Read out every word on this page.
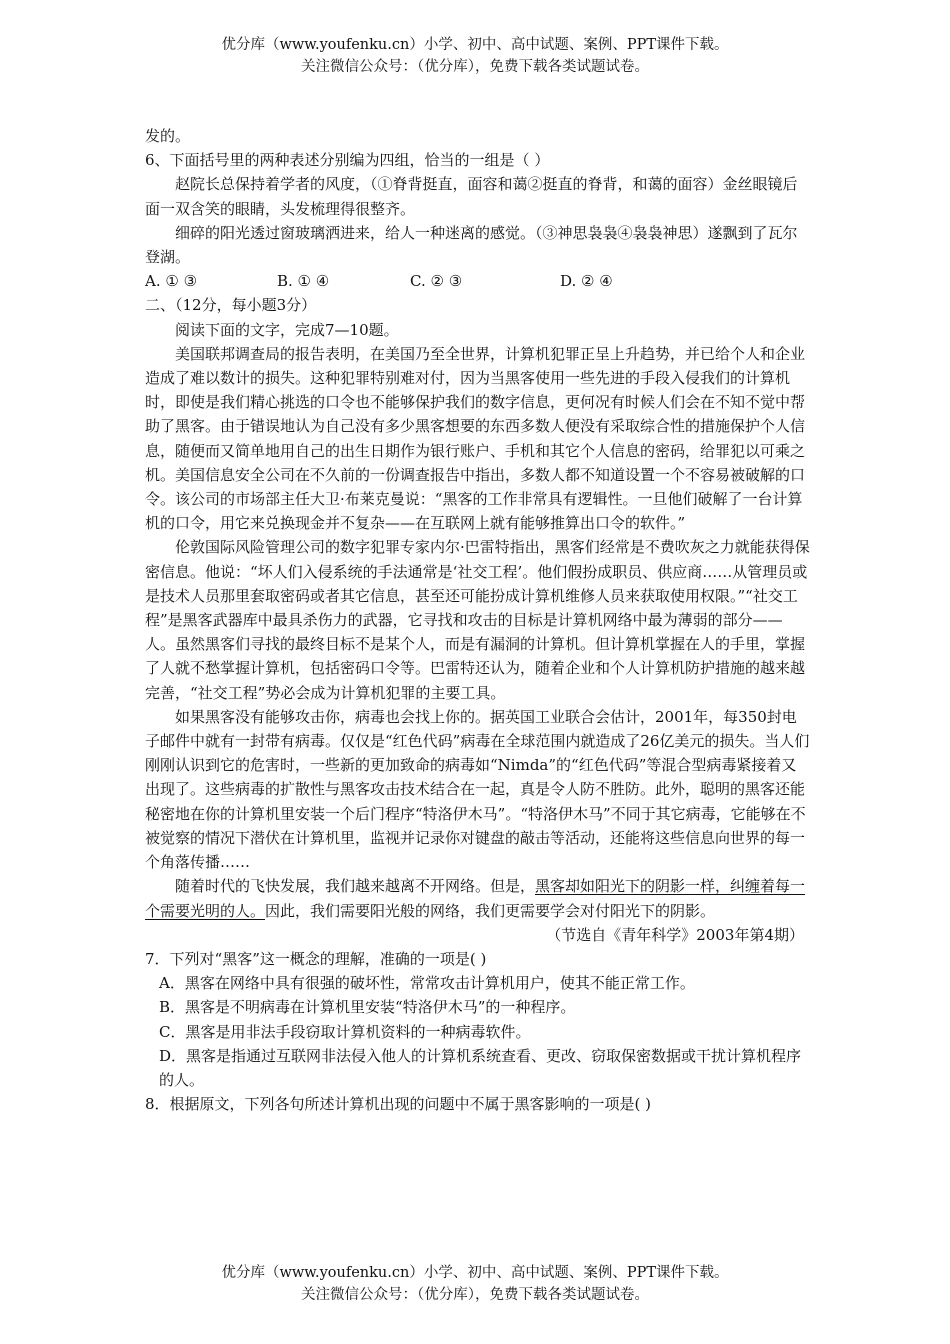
优分库（www.youfenku.cn）小学、初中、高中试题、案例、PPT课件下载。
关注微信公众号：（优分库），免费下载各类试题试卷。

发的。

6、下面括号里的两种表述分别编为四组，恰当的一组是（ ）

赵院长总保持着学者的风度，（①脊背挺直，面容和蔼②挺直的脊背，和蔼的面容）金丝眼镜后面一双含笑的眼睛，头发梳理得很整齐。

细碎的阳光透过窗玻璃洒进来，给人一种迷离的感觉。（③神思袅袅④袅袅神思）遂飘到了瓦尔登湖。

A. ① ③	B. ① ④	C. ② ③	D. ② ④

二、（12分，每小题3分）

阅读下面的文字，完成7—10题。

美国联邦调查局的报告表明，在美国乃至全世界，计算机犯罪正呈上升趋势，并已给个人和企业造成了难以数计的损失。这种犯罪特别难对付，因为当黑客使用一些先进的手段入侵我们的计算机时，即使是我们精心挑选的口令也不能够保护我们的数字信息，更何况有时候人们会在不知不觉中帮助了黑客。由于错误地认为自己没有多少黑客想要的东西多数人便没有采取综合性的措施保护个人信息，随便而又简单地用自己的出生日期作为银行账户、手机和其它个人信息的密码，给罪犯以可乘之机。美国信息安全公司在不久前的一份调查报告中指出，多数人都不知道设置一个不容易被破解的口令。该公司的市场部主任大卫·布莱克曼说：“黑客的工作非常具有逻辑性。一旦他们破解了一台计算机的口令，用它来兑换现金并不复杂——在互联网上就有能够推算出口令的软件。”

伦敦国际风险管理公司的数字犯罪专家内尔·巴雷特指出，黑客们经常是不费吹灰之力就能获得保密信息。他说：“坏人们入侵系统的手法通常是‘社交工程’。他们假扮成职员、供应商……从管理员或是技术人员那里套取密码或者其它信息，甚至还可能扮成计算机维修人员来获取使用权限。”“社交工程”是黑客武器库中最具杀伤力的武器，它寻找和攻击的目标是计算机网络中最为薄弱的部分——人。虽然黑客们寻找的最终目标不是某个人，而是有漏洞的计算机。但计算机掌握在人的手里，掌握了人就不愁掌握计算机，包括密码口令等。巴雷特还认为，随着企业和个人计算机防护措施的越来越完善，“社交工程”势必会成为计算机犯罪的主要工具。

如果黑客没有能够攻击你，病毒也会找上你的。据英国工业联合会估计，2001年，每350封电子邮件中就有一封带有病毒。仅仅是“红色代码”病毒在全球范围内就造成了26亿美元的损失。当人们刚刚认识到它的危害时，一些新的更加致命的病毒如“Nimda”的“红色代码”等混合型病毒紧接着又出现了。这些病毒的扩散性与黑客攻击技术结合在一起，真是令人防不胜防。此外，聪明的黑客还能秘密地在你的计算机里安装一个后门程序“特洛伊木马”。“特洛伊木马”不同于其它病毒，它能够在不被觉察的情况下潜伏在计算机里，监视并记录你对键盘的敲击等活动，还能将这些信息向世界的每一个角落传播……

随着时代的飞快发展，我们越来越离不开网络。但是，黑客却如阳光下的阴影一样，纠缠着每一个需要光明的人。因此，我们需要阳光般的网络，我们更需要学会对付阳光下的阴影。

（节选自《青年科学》2003年第4期）

7．下列对“黑客”这一概念的理解，准确的一项是( )

A．黑客在网络中具有很强的破坏性，常常攻击计算机用户，使其不能正常工作。

B．黑客是不明病毒在计算机里安装“特洛伊木马”的一种程序。

C．黑客是用非法手段窃取计算机资料的一种病毒软件。

D．黑客是指通过互联网非法侵入他人的计算机系统查看、更改、窃取保密数据或干扰计算机程序的人。

8．根据原文，下列各句所述计算机出现的问题中不属于黑客影响的一项是( )

优分库（www.youfenku.cn）小学、初中、高中试题、案例、PPT课件下载。
关注微信公众号：（优分库），免费下载各类试题试卷。
